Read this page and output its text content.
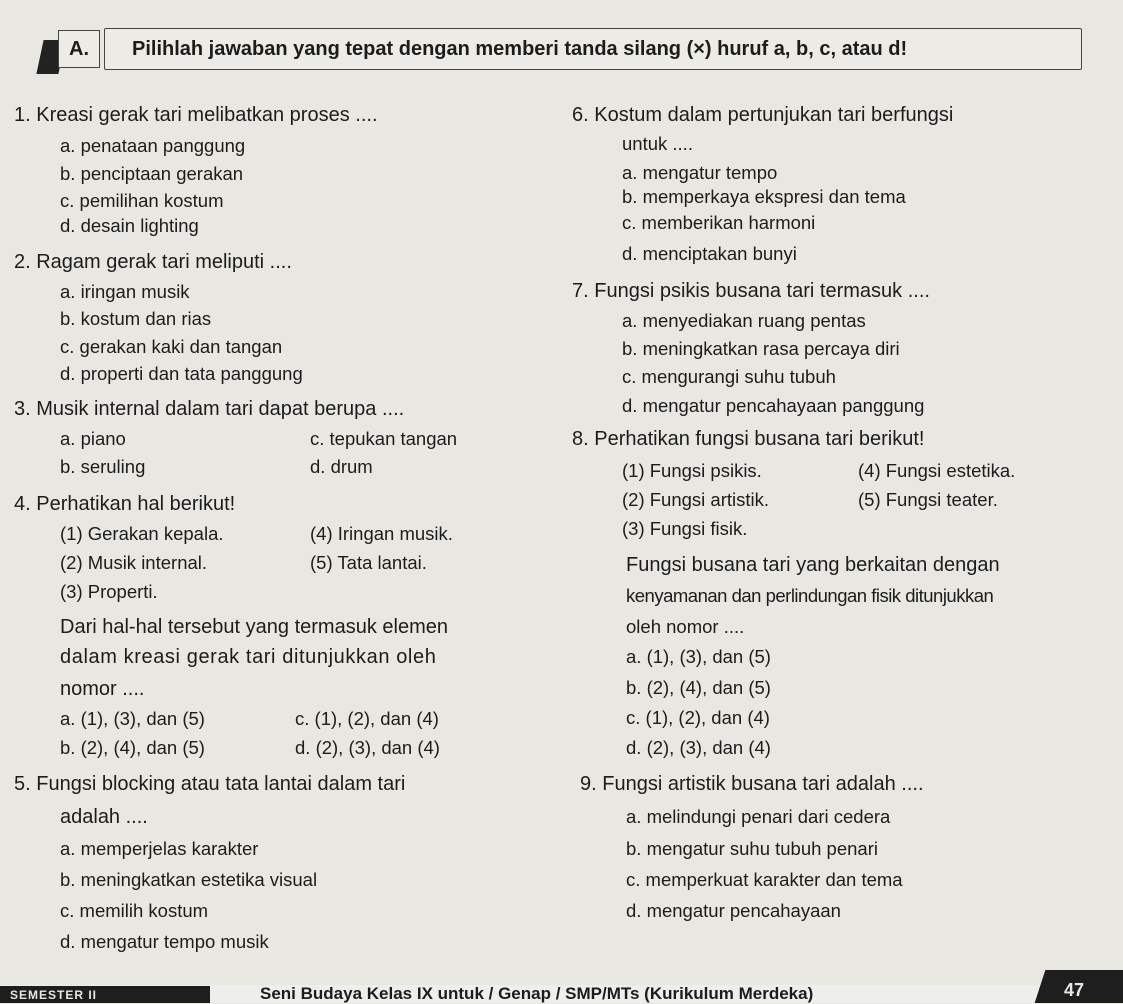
A.	Pilihlah jawaban yang tepat dengan memberi tanda silang (×) huruf a, b, c, atau d!
1. Kreasi gerak tari melibatkan proses ....
a. penataan panggung
b. penciptaan gerakan
c. pemilihan kostum
d. desain lighting
2. Ragam gerak tari meliputi ....
a. iringan musik
b. kostum dan rias
c. gerakan kaki dan tangan
d. properti dan tata panggung
3. Musik internal dalam tari dapat berupa ....
a. piano	c. tepukan tangan
b. seruling	d. drum
4. Perhatikan hal berikut!
(1) Gerakan kepala.	(4) Iringan musik.
(2) Musik internal.	(5) Tata lantai.
(3) Properti.
Dari hal-hal tersebut yang termasuk elemen
dalam kreasi gerak tari ditunjukkan oleh
nomor ....
a. (1), (3), dan (5)	c. (1), (2), dan (4)
b. (2), (4), dan (5)	d. (2), (3), dan (4)
5. Fungsi blocking atau tata lantai dalam tari
adalah ....
a. memperjelas karakter
b. meningkatkan estetika visual
c. memilih kostum
d. mengatur tempo musik
6. Kostum dalam pertunjukan tari berfungsi
untuk ....
a. mengatur tempo
b. memperkaya ekspresi dan tema
c. memberikan harmoni
d. menciptakan bunyi
7. Fungsi psikis busana tari termasuk ....
a. menyediakan ruang pentas
b. meningkatkan rasa percaya diri
c. mengurangi suhu tubuh
d. mengatur pencahayaan panggung
8. Perhatikan fungsi busana tari berikut!
(1) Fungsi psikis.	(4) Fungsi estetika.
(2) Fungsi artistik.	(5) Fungsi teater.
(3) Fungsi fisik.
Fungsi busana tari yang berkaitan dengan
kenyamanan dan perlindungan fisik ditunjukkan
oleh nomor ....
a. (1), (3), dan (5)
b. (2), (4), dan (5)
c. (1), (2), dan (4)
d. (2), (3), dan (4)
9. Fungsi artistik busana tari adalah ....
a. melindungi penari dari cedera
b. mengatur suhu tubuh penari
c. memperkuat karakter dan tema
d. mengatur pencahayaan
SEMESTER II	Seni Budaya Kelas IX untuk / Genap / SMP/MTs (Kurikulum Merdeka)	47
